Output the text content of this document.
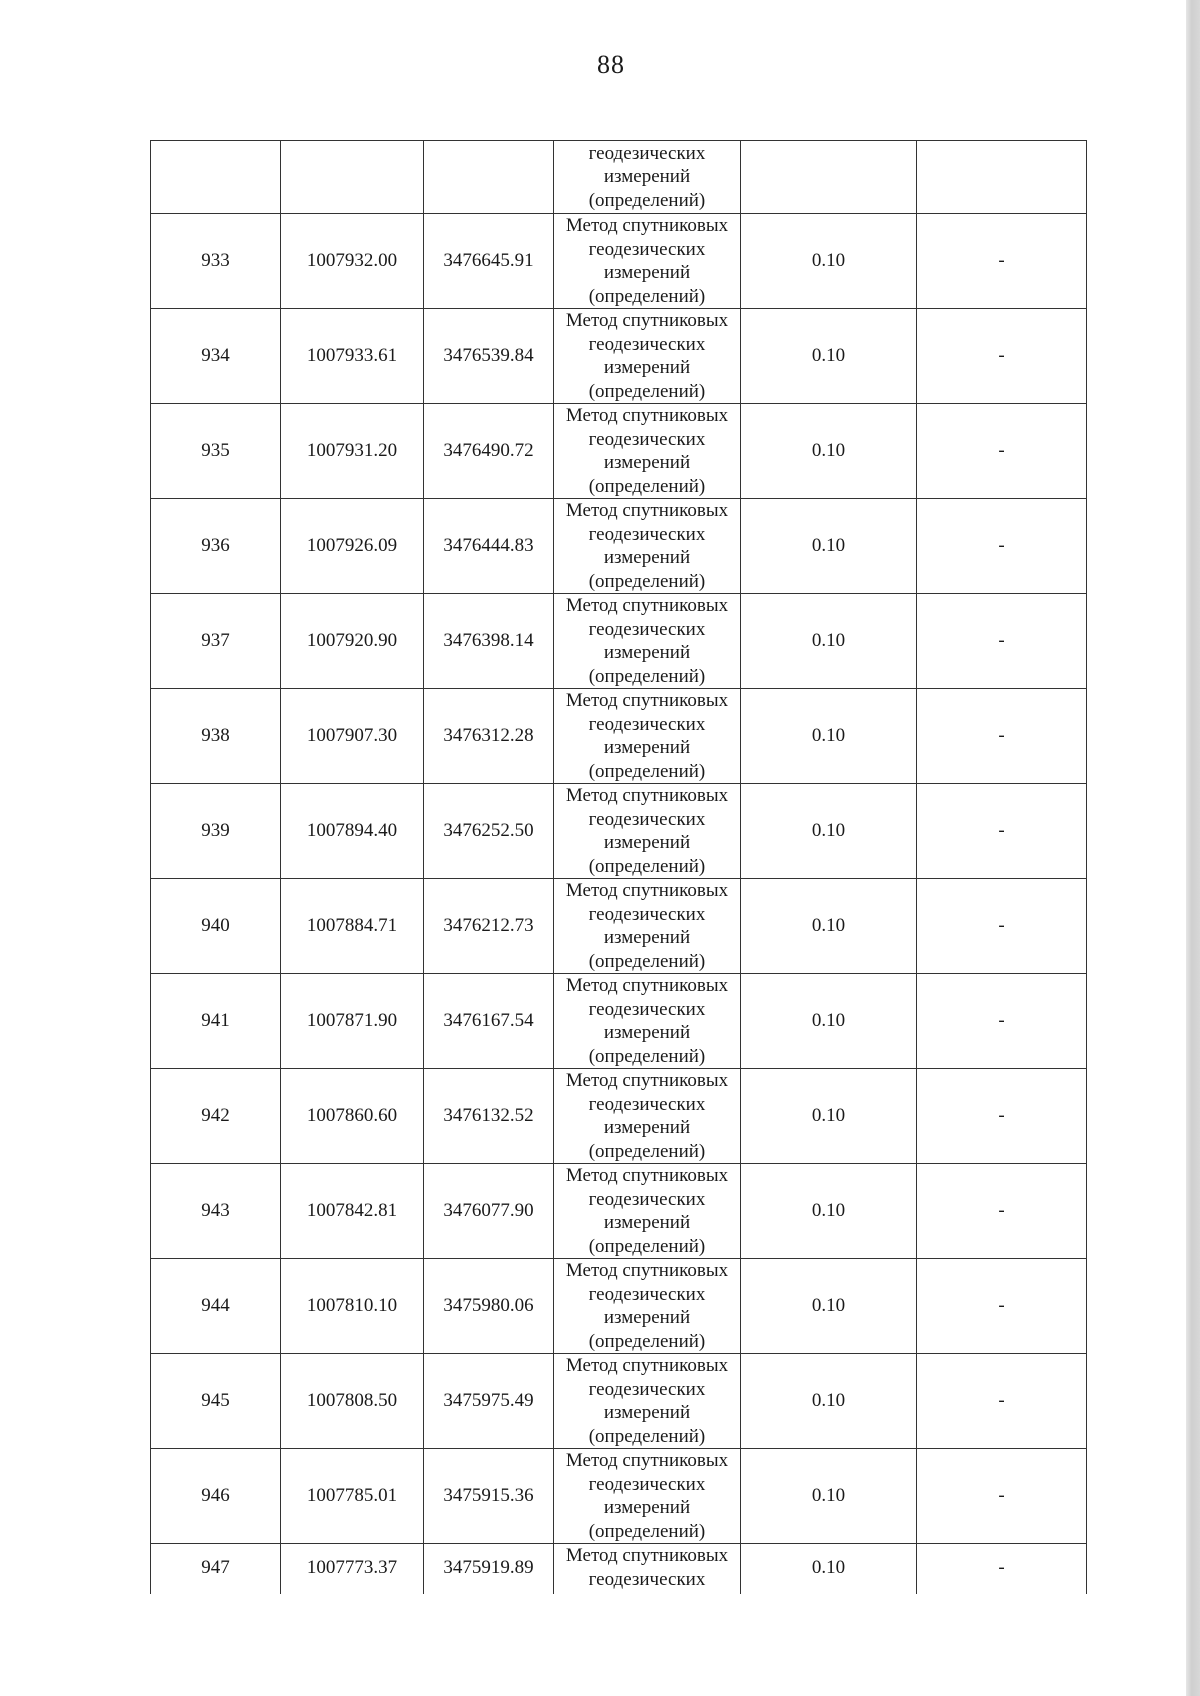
88

			геодезических
измерений
(определений)		

933	1007932.00	3476645.91	Метод спутниковых
геодезических
измерений
(определений)	0.10	-
934	1007933.61	3476539.84	Метод спутниковых
геодезических
измерений
(определений)	0.10	-
935	1007931.20	3476490.72	Метод спутниковых
геодезических
измерений
(определений)	0.10	-
936	1007926.09	3476444.83	Метод спутниковых
геодезических
измерений
(определений)	0.10	-
937	1007920.90	3476398.14	Метод спутниковых
геодезических
измерений
(определений)	0.10	-
938	1007907.30	3476312.28	Метод спутниковых
геодезических
измерений
(определений)	0.10	-
939	1007894.40	3476252.50	Метод спутниковых
геодезических
измерений
(определений)	0.10	-
940	1007884.71	3476212.73	Метод спутниковых
геодезических
измерений
(определений)	0.10	-
941	1007871.90	3476167.54	Метод спутниковых
геодезических
измерений
(определений)	0.10	-
942	1007860.60	3476132.52	Метод спутниковых
геодезических
измерений
(определений)	0.10	-
943	1007842.81	3476077.90	Метод спутниковых
геодезических
измерений
(определений)	0.10	-
944	1007810.10	3475980.06	Метод спутниковых
геодезических
измерений
(определений)	0.10	-
945	1007808.50	3475975.49	Метод спутниковых
геодезических
измерений
(определений)	0.10	-
946	1007785.01	3475915.36	Метод спутниковых
геодезических
измерений
(определений)	0.10	-
947	1007773.37	3475919.89	Метод спутниковых
геодезических	0.10	-
